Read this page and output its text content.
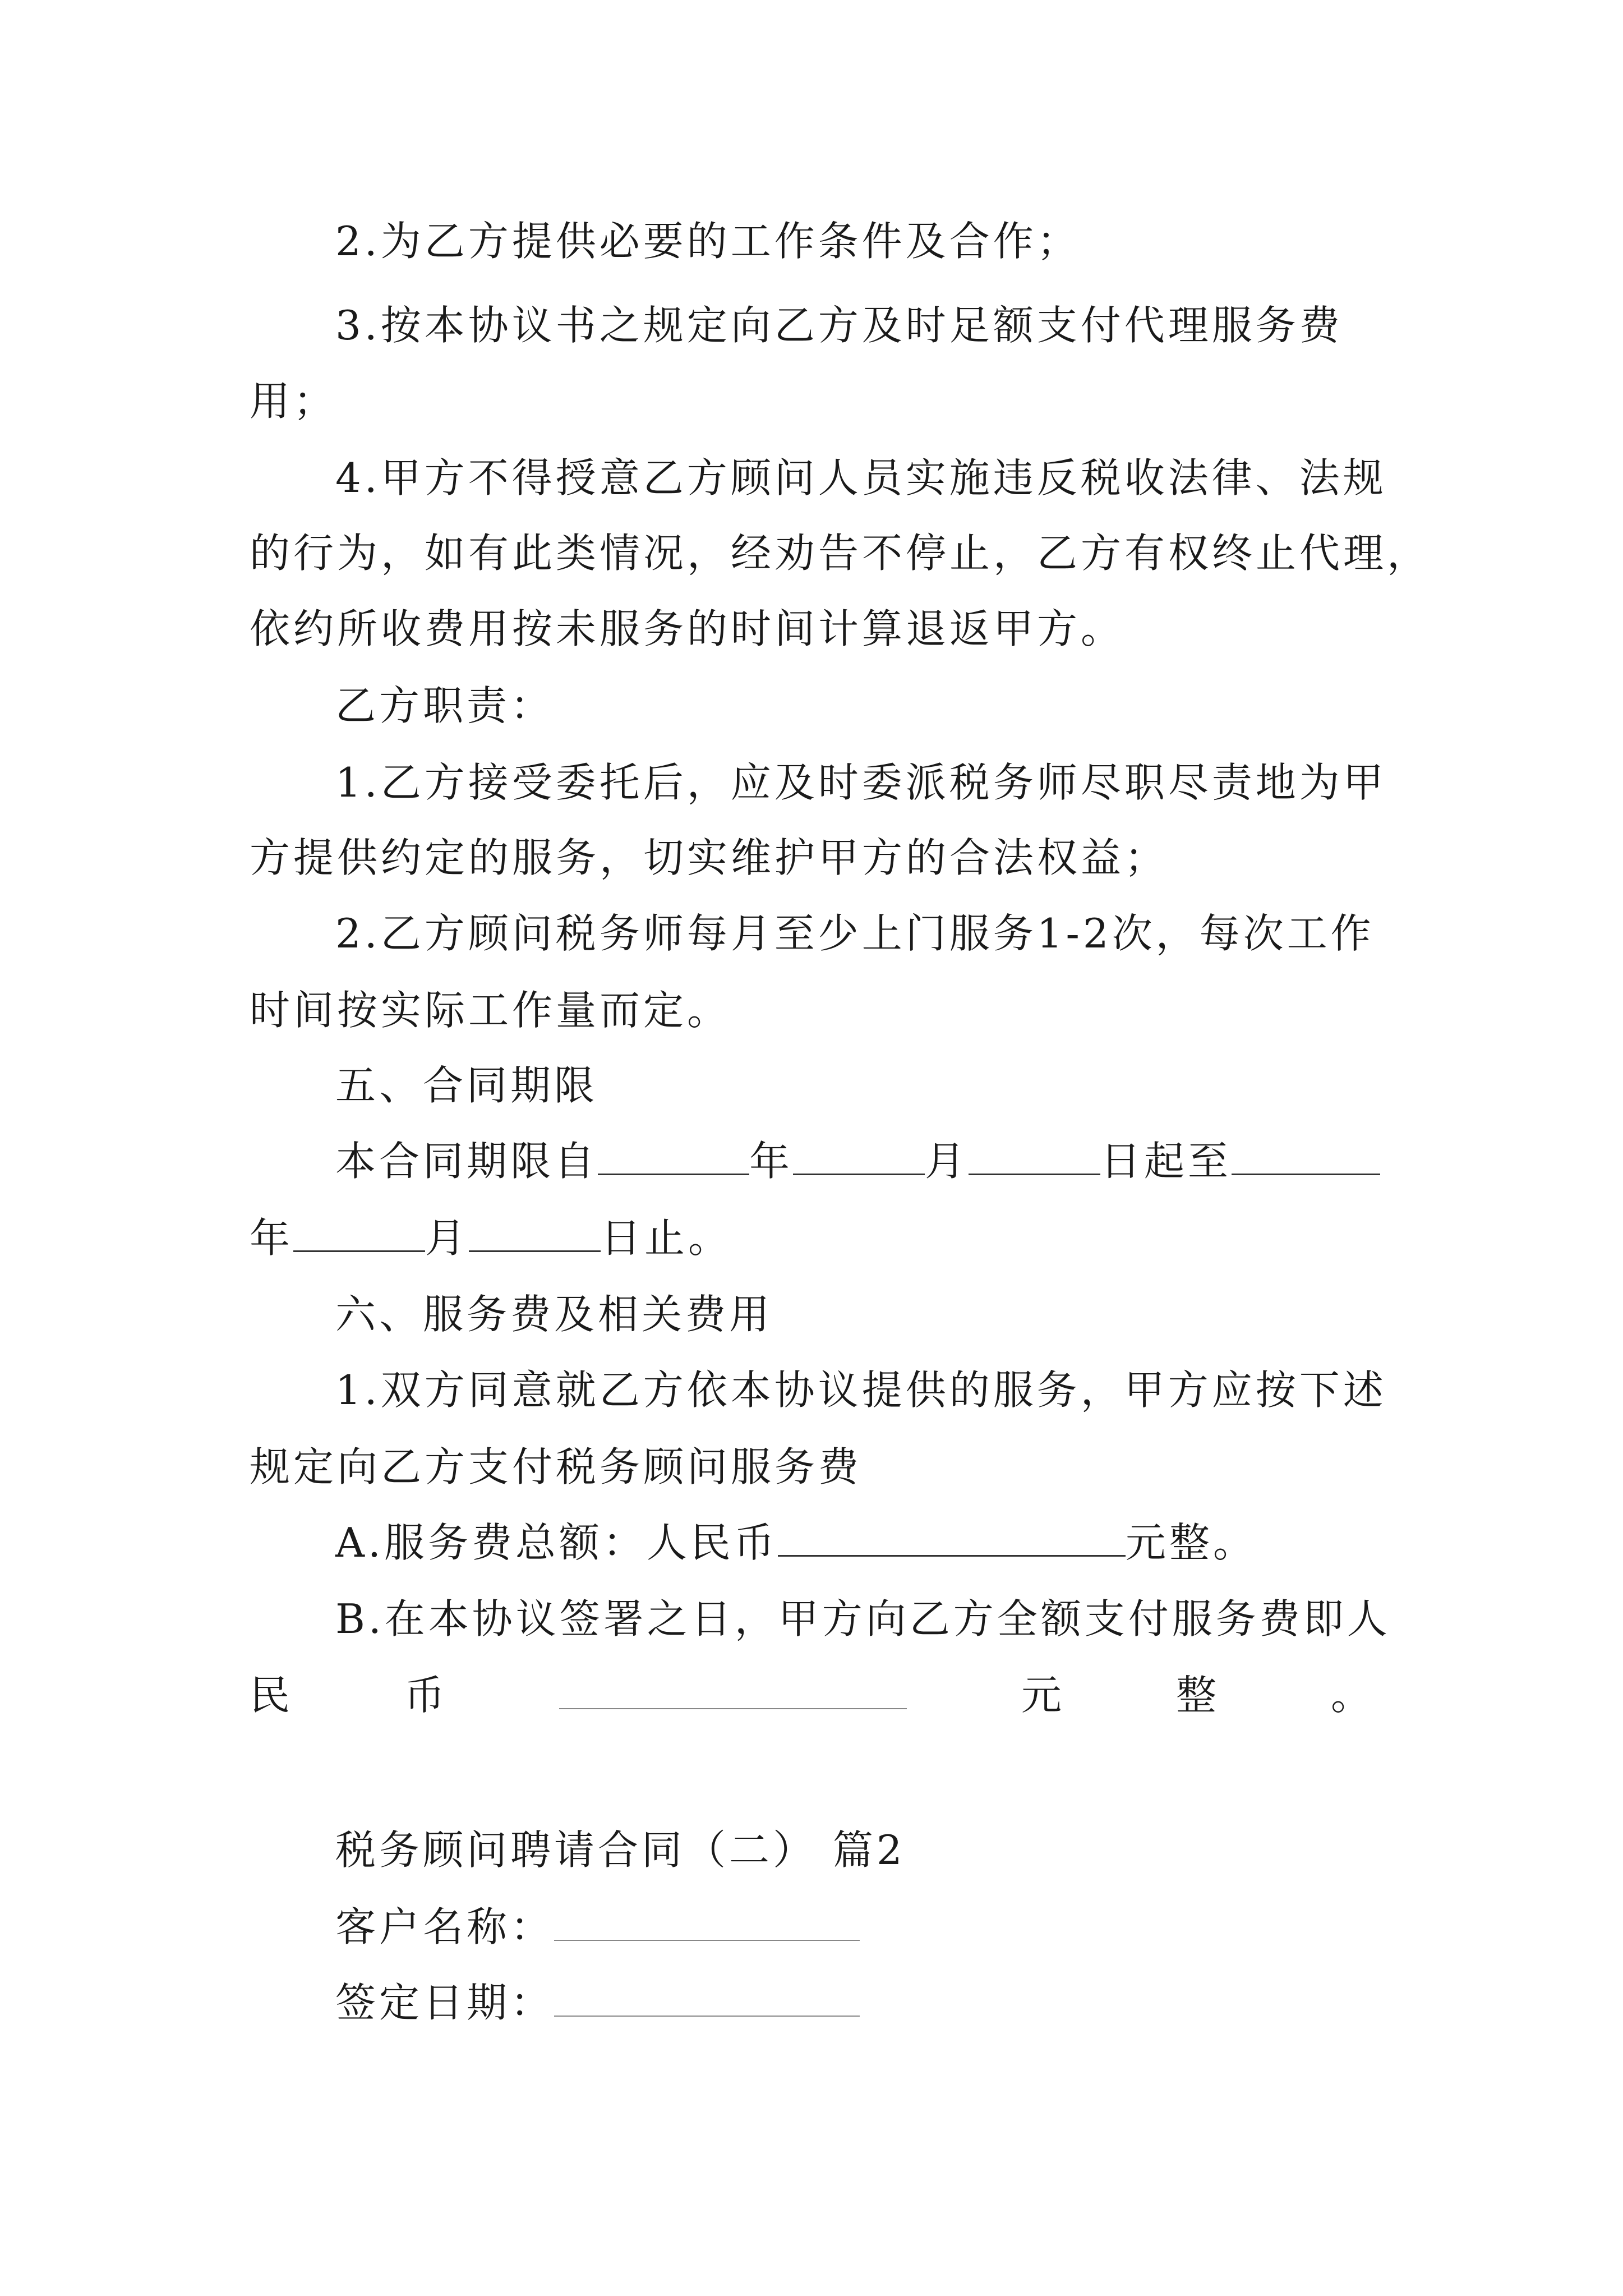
2.为乙方提供必要的工作条件及合作；
3.按本协议书之规定向乙方及时足额支付代理服务费
用；
4.甲方不得授意乙方顾问人员实施违反税收法律、法规
的行为，如有此类情况，经劝告不停止，乙方有权终止代理，
依约所收费用按未服务的时间计算退返甲方。
乙方职责：
1.乙方接受委托后，应及时委派税务师尽职尽责地为甲
方提供约定的服务，切实维护甲方的合法权益；
2.乙方顾问税务师每月至少上门服务1-2次，每次工作
时间按实际工作量而定。
五、合同期限
本合同期限自	年	月	日起至
年	月	日止。
六、服务费及相关费用
1.双方同意就乙方依本协议提供的服务，甲方应按下述
规定向乙方支付税务顾问服务费
A.服务费总额：人民币	元整。
B.在本协议签署之日，甲方向乙方全额支付服务费即人
民	币	元	整	。
税务顾问聘请合同（二） 篇2
客户名称：
签定日期：
